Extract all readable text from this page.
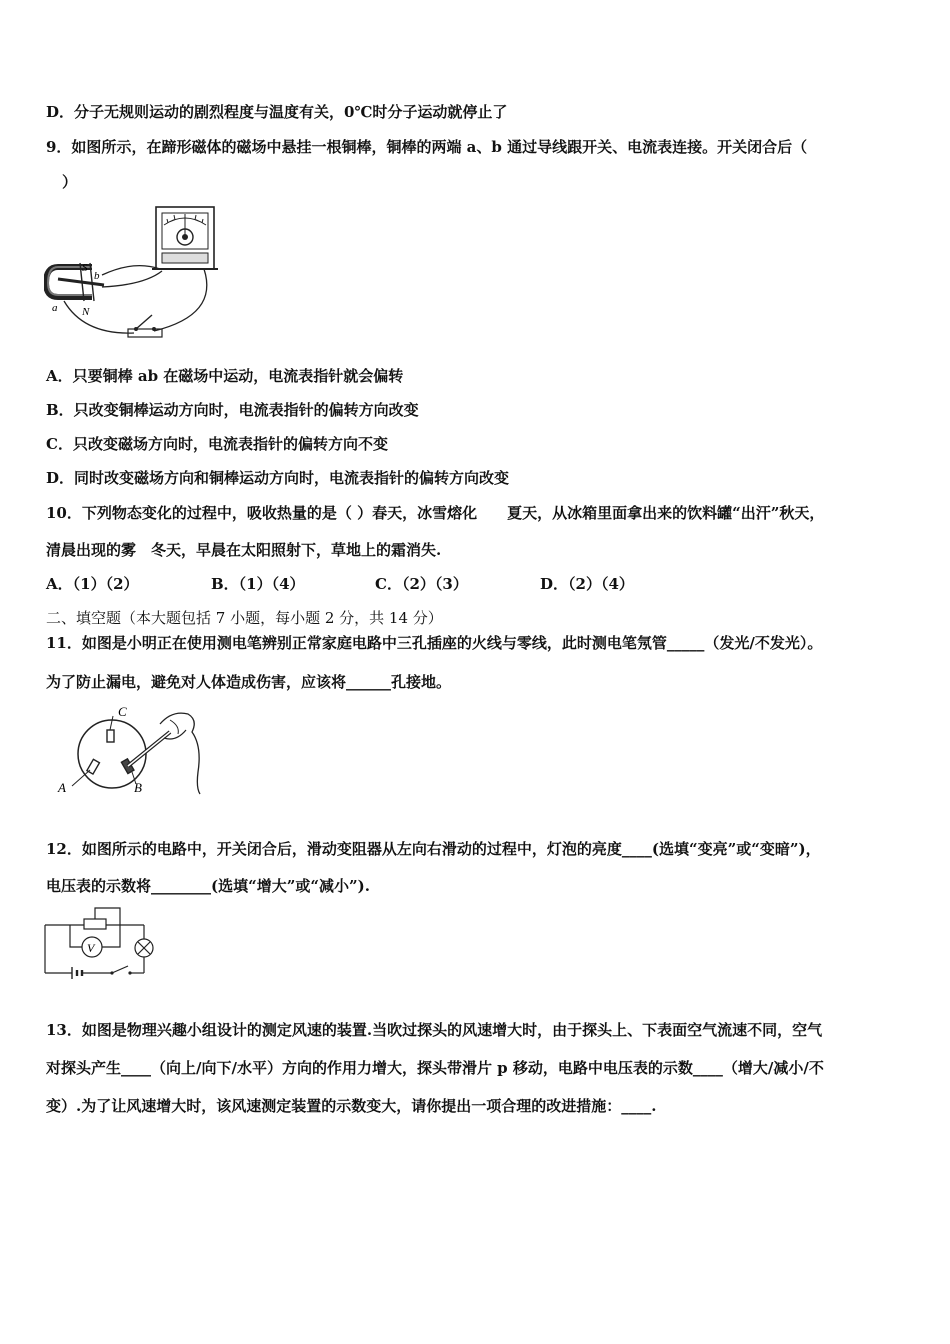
D．分子无规则运动的剧烈程度与温度有关，0℃时分子运动就停止了
9．如图所示，在蹄形磁体的磁场中悬挂一根铜棒，铜棒的两端 a、b 通过导线跟开关、电流表连接。开关闭合后（
）
S
b
N
a
A．只要铜棒 ab 在磁场中运动，电流表指针就会偏转
B．只改变铜棒运动方向时，电流表指针的偏转方向改变
C．只改变磁场方向时，电流表指针的偏转方向不变
D．同时改变磁场方向和铜棒运动方向时，电流表指针的偏转方向改变
10．下列物态变化的过程中，吸收热量的是（ ）春天，冰雪熔化　　夏天，从冰箱里面拿出来的饮料罐“出汗”秋天，
清晨出现的雾　冬天，早晨在太阳照射下，草地上的霜消失.
A．（1）（2）	B．（1）（4）	C．（2）（3）	D．（2）（4）
二、填空题（本大题包括 7 小题，每小题 2 分，共 14 分）
11．如图是小明正在使用测电笔辨别正常家庭电路中三孔插座的火线与零线，此时测电笔氖管_____（发光/不发光）。
为了防止漏电，避免对人体造成伤害，应该将______孔接地。
C
A	B
12．如图所示的电路中，开关闭合后，滑动变阻器从左向右滑动的过程中，灯泡的亮度____(选填“变亮”或“变暗”)，
电压表的示数将________(选填“增大”或“减小”).
V
13．如图是物理兴趣小组设计的测定风速的装置.当吹过探头的风速增大时，由于探头上、下表面空气流速不同，空气
对探头产生____（向上/向下/水平）方向的作用力增大，探头带滑片 p 移动，电路中电压表的示数____（增大/减小/不
变）.为了让风速增大时，该风速测定装置的示数变大，请你提出一项合理的改进措施：____.
